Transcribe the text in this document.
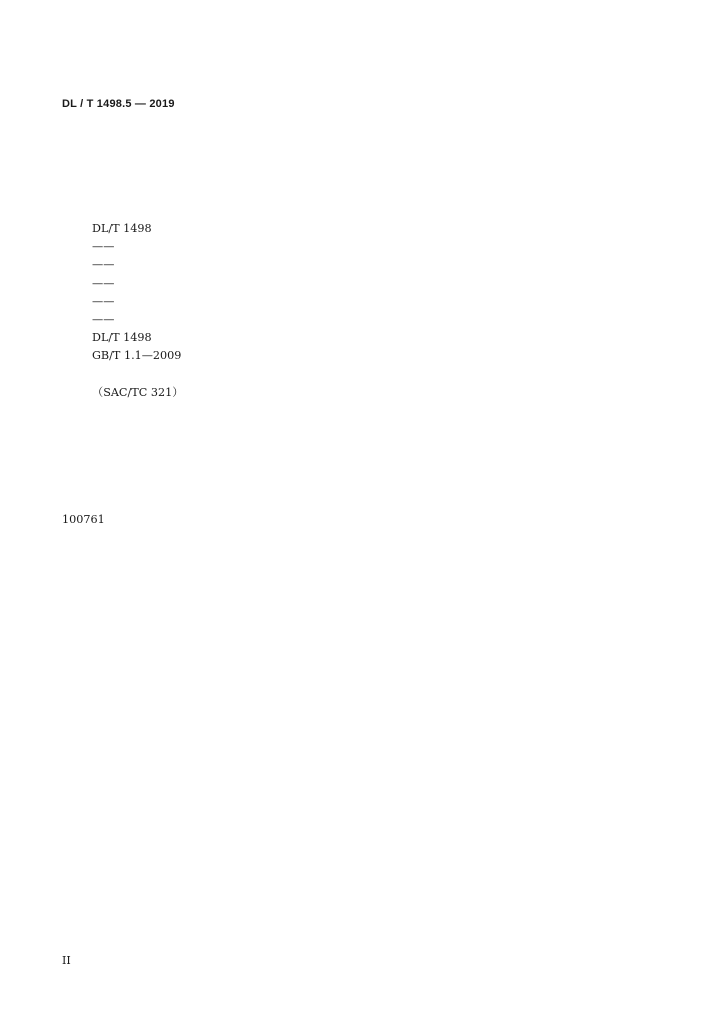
DL / T 1498.5 — 2019
DL/T 1498
——
——
——
——
——
DL/T 1498
GB/T 1.1—2009
（SAC/TC 321）
100761
II
